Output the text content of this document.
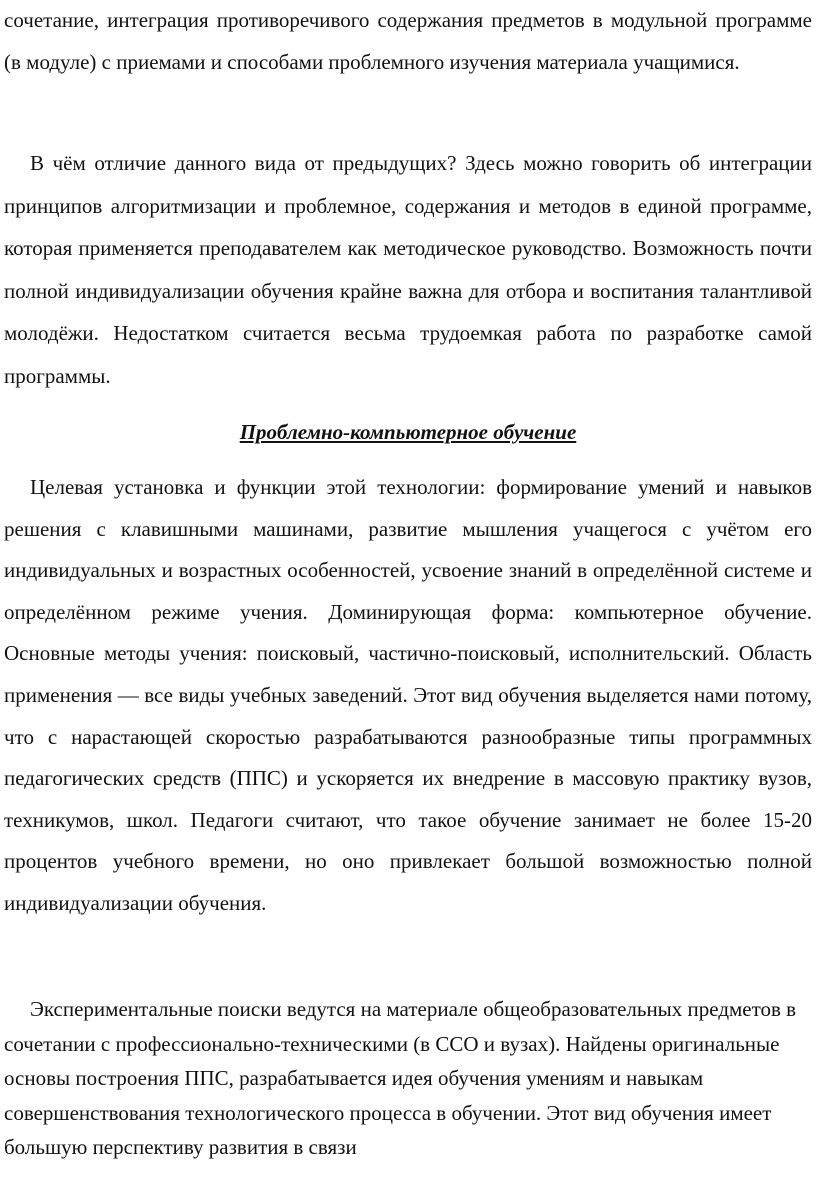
сочетание, интеграция противоречивого содержания предметов в модульной программе (в модуле) с приемами и способами проблемного изучения материала учащимися.

В чём отличие данного вида от предыдущих? Здесь можно говорить об интеграции принципов алгоритмизации и проблемное, содержания и методов в единой программе, которая применяется преподавателем как методическое руководство. Возможность почти полной индивидуализации обучения крайне важна для отбора и воспитания талантливой молодёжи. Недостатком считается весьма трудоемкая работа по разработке самой программы.

Проблемно-компьютерное обучение

Целевая установка и функции этой технологии: формирование умений и навыков решения с клавишными машинами, развитие мышления учащегося с учётом его индивидуальных и возрастных особенностей, усвоение знаний в определённой системе и определённом режиме учения. Доминирующая форма: компьютерное обучение. Основные методы учения: поисковый, частично-поисковый, исполнительский. Область применения — все виды учебных заведений. Этот вид обучения выделяется нами потому, что с нарастающей скоростью разрабатываются разнообразные типы программных педагогических средств (ППС) и ускоряется их внедрение в массовую практику вузов, техникумов, школ. Педагоги считают, что такое обучение занимает не более 15-20 процентов учебного времени, но оно привлекает большой возможностью полной индивидуализации обучения.

Экспериментальные поиски ведутся на материале общеобразовательных предметов в сочетании с профессионально-техническими (в ССО и вузах). Найдены оригинальные основы построения ППС, разрабатывается идея обучения умениям и навыкам совершенствования технологического процесса в обучении. Этот вид обучения имеет большую перспективу развития в связи
